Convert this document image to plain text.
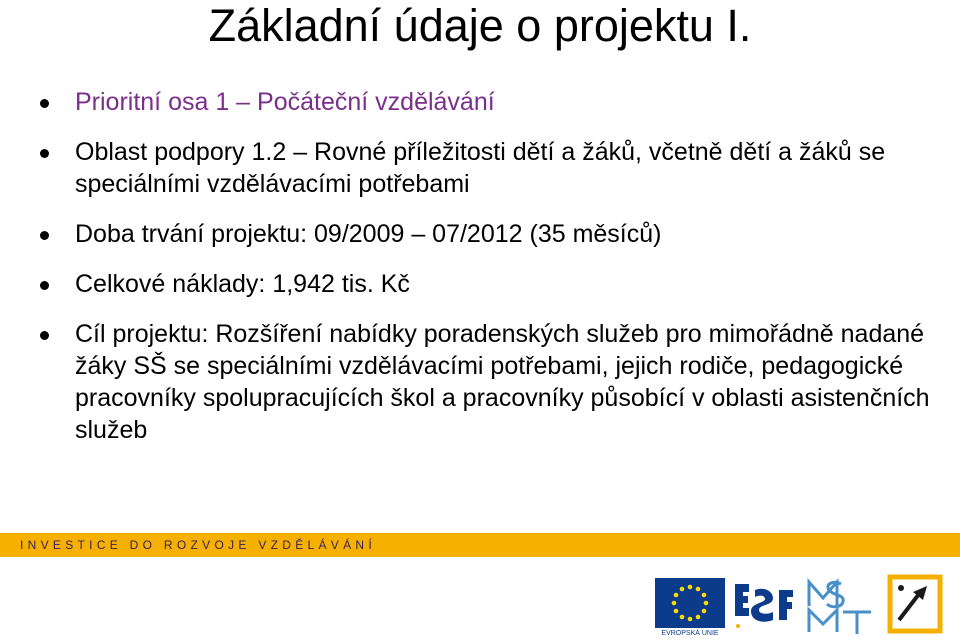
Základní údaje o projektu I.
Prioritní osa 1 – Počáteční vzdělávání
Oblast podpory 1.2 – Rovné příležitosti dětí a žáků, včetně dětí a žáků se speciálními vzdělávacími potřebami
Doba trvání projektu: 09/2009 – 07/2012 (35 měsíců)
Celkové náklady: 1,942 tis. Kč
Cíl projektu: Rozšíření nabídky poradenských služeb pro mimořádně nadané žáky SŠ se speciálními vzdělávacími potřebami, jejich rodiče, pedagogické pracovníky spolupracujících škol a pracovníky působící v oblasti asistenčních služeb
INVESTICE DO ROZVOJE VZDĚLÁVÁNÍ
EVROPSKÁ UNIE
